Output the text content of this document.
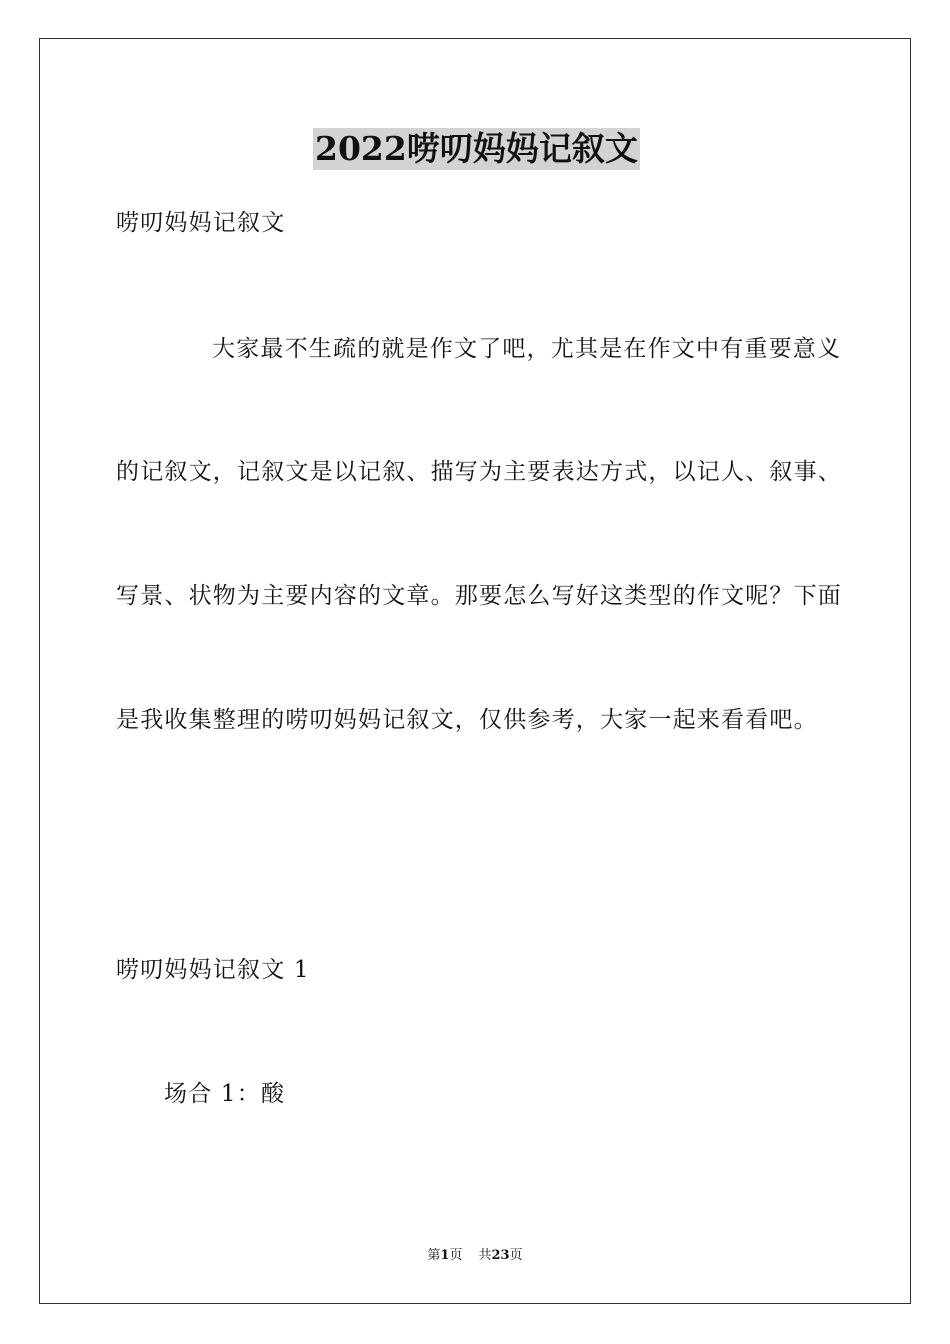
2022唠叨妈妈记叙文
唠叨妈妈记叙文
大家最不生疏的就是作文了吧，尤其是在作文中有重要意义
的记叙文，记叙文是以记叙、描写为主要表达方式，以记人、叙事、
写景、状物为主要内容的文章。那要怎么写好这类型的作文呢？下面
是我收集整理的唠叨妈妈记叙文，仅供参考，大家一起来看看吧。
唠叨妈妈记叙文 1
场合 1：酸
第1页 共23页
